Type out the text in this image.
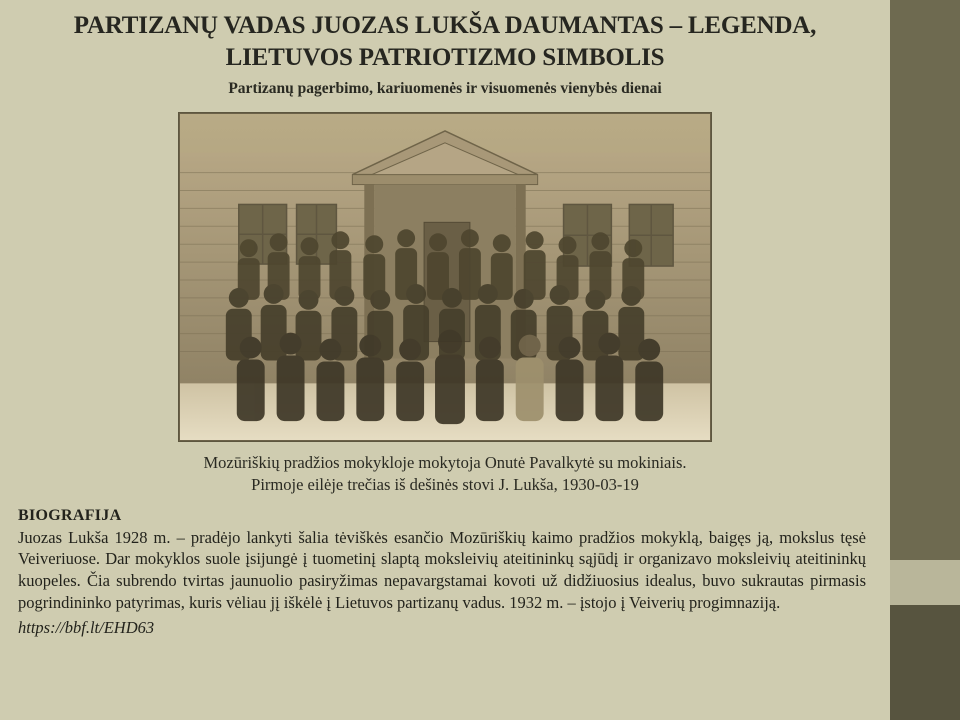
PARTIZANŲ VADAS JUOZAS LUKŠA DAUMANTAS – LEGENDA, LIETUVOS PATRIOTIZMO SIMBOLIS
Partizanų pagerbimo, kariuomenės ir visuomenės vienybės dienai
Mozūriškių pradžios mokykloje mokytoja Onutė Pavalkytė su mokiniais.
Pirmoje eilėje trečias iš dešinės stovi J. Lukša, 1930-03-19
BIOGRAFIJA
Juozas Lukša 1928 m. – pradėjo lankyti šalia tėviškės esančio Mozūriškių kaimo pradžios mokyklą, baigęs ją, mokslus tęsė Veiveriuose. Dar mokyklos suole įsijungė į tuometinį slaptą moksleivių ateitininkų sąjūdį ir organizavo moksleivių ateitininkų kuopeles. Čia subrendo tvirtas jaunuolio pasiryžimas nepavargstamai kovoti už didžiuosius idealus, buvo sukrautas pirmasis pogrindininko patyrimas, kuris vėliau jį iškėlė į Lietuvos partizanų vadus. 1932 m. – įstojo į Veiverių progimnaziją.
https://bbf.lt/EHD63
